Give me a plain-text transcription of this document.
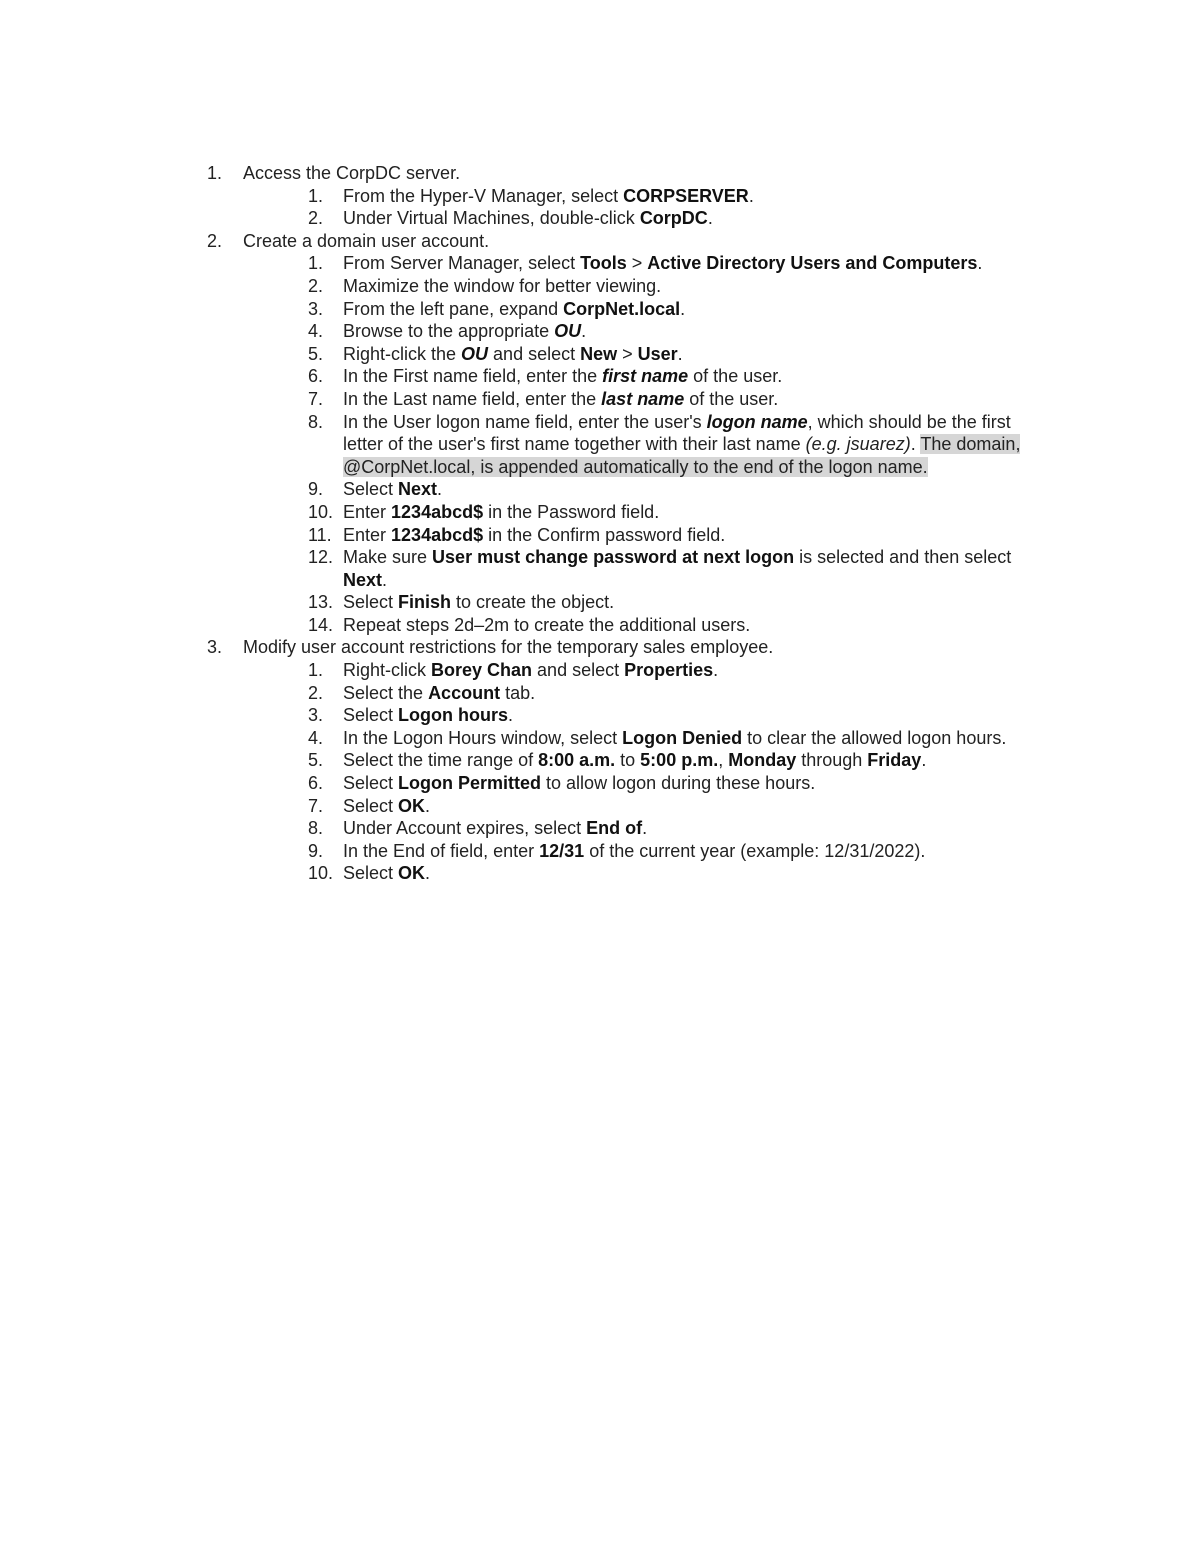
1. Access the CorpDC server.
1. From the Hyper-V Manager, select CORPSERVER.
2. Under Virtual Machines, double-click CorpDC.
2. Create a domain user account.
1. From Server Manager, select Tools > Active Directory Users and Computers.
2. Maximize the window for better viewing.
3. From the left pane, expand CorpNet.local.
4. Browse to the appropriate OU.
5. Right-click the OU and select New > User.
6. In the First name field, enter the first name of the user.
7. In the Last name field, enter the last name of the user.
8. In the User logon name field, enter the user's logon name, which should be the first letter of the user's first name together with their last name (e.g. jsuarez). The domain, @CorpNet.local, is appended automatically to the end of the logon name.
9. Select Next.
10. Enter 1234abcd$ in the Password field.
11. Enter 1234abcd$ in the Confirm password field.
12. Make sure User must change password at next logon is selected and then select Next.
13. Select Finish to create the object.
14. Repeat steps 2d–2m to create the additional users.
3. Modify user account restrictions for the temporary sales employee.
1. Right-click Borey Chan and select Properties.
2. Select the Account tab.
3. Select Logon hours.
4. In the Logon Hours window, select Logon Denied to clear the allowed logon hours.
5. Select the time range of 8:00 a.m. to 5:00 p.m., Monday through Friday.
6. Select Logon Permitted to allow logon during these hours.
7. Select OK.
8. Under Account expires, select End of.
9. In the End of field, enter 12/31 of the current year (example: 12/31/2022).
10. Select OK.
